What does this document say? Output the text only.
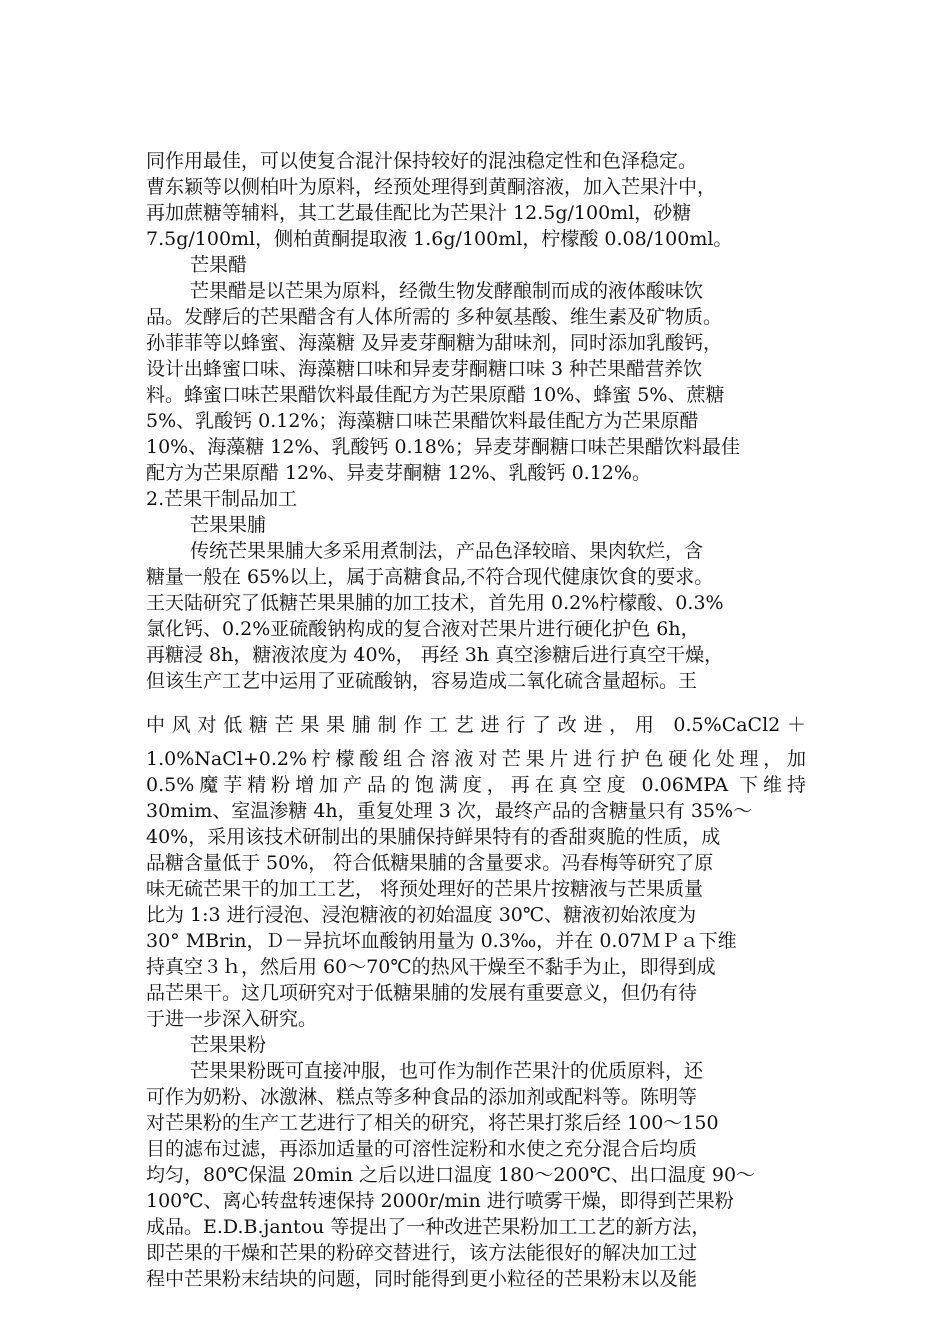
同作用最佳，可以使复合混汁保持较好的混浊稳定性和色泽稳定。
曹东颖等以侧柏叶为原料，经预处理得到黄酮溶液，加入芒果汁中，
再加蔗糖等辅料，其工艺最佳配比为芒果汁 12.5g/100ml，砂糖
7.5g/100ml，侧柏黄酮提取液 1.6g/100ml，柠檬酸 0.08/100ml。
芒果醋
芒果醋是以芒果为原料，经微生物发酵酿制而成的液体酸味饮
品。发酵后的芒果醋含有人体所需的 多种氨基酸、维生素及矿物质。
孙菲菲等以蜂蜜、海藻糖 及异麦芽酮糖为甜味剂，同时添加乳酸钙，
设计出蜂蜜口味、海藻糖口味和异麦芽酮糖口味 3 种芒果醋营养饮
料。蜂蜜口味芒果醋饮料最佳配方为芒果原醋 10%、蜂蜜 5%、蔗糖
5%、乳酸钙 0.12%；海藻糖口味芒果醋饮料最佳配方为芒果原醋
10%、海藻糖 12%、乳酸钙 0.18%；异麦芽酮糖口味芒果醋饮料最佳
配方为芒果原醋 12%、异麦芽酮糖 12%、乳酸钙 0.12%。
2.芒果干制品加工
芒果果脯
传统芒果果脯大多采用煮制法，产品色泽较暗、果肉软烂，含
糖量一般在 65%以上，属于高糖食品,不符合现代健康饮食的要求。
王天陆研究了低糖芒果果脯的加工技术，首先用 0.2%柠檬酸、0.3%
氯化钙、0.2%亚硫酸钠构成的复合液对芒果片进行硬化护色 6h，
再糖浸 8h，糖液浓度为 40%， 再经 3h 真空渗糖后进行真空干燥，
但该生产工艺中运用了亚硫酸钠，容易造成二氧化硫含量超标。王
中风对低糖芒果果脯制作工艺进行了改进，用 0.5%CaCl2＋
1.0%NaCl+0.2%柠檬酸组合溶液对芒果片进行护色硬化处理，加
0.5%魔芋精粉增加产品的饱满度，再在真空度 0.06MPA 下维持
30mim、室温渗糖 4h，重复处理 3 次，最终产品的含糖量只有 35%～
40%，采用该技术研制出的果脯保持鲜果特有的香甜爽脆的性质，成
品糖含量低于 50%， 符合低糖果脯的含量要求。冯春梅等研究了原
味无硫芒果干的加工工艺， 将预处理好的芒果片按糖液与芒果质量
比为 1:3 进行浸泡、浸泡糖液的初始温度 30℃、糖液初始浓度为
30° MBrin，Ｄ－异抗坏血酸钠用量为 0.3‰，并在 0.07ＭＰａ下维
持真空３ｈ，然后用 60～70℃的热风干燥至不黏手为止，即得到成
品芒果干。这几项研究对于低糖果脯的发展有重要意义，但仍有待
于进一步深入研究。
芒果果粉
芒果果粉既可直接冲服，也可作为制作芒果汁的优质原料，还
可作为奶粉、冰激淋、糕点等多种食品的添加剂或配料等。陈明等
对芒果粉的生产工艺进行了相关的研究，将芒果打浆后经 100～150
目的滤布过滤，再添加适量的可溶性淀粉和水使之充分混合后均质
均匀，80℃保温 20min 之后以进口温度 180～200℃、出口温度 90～
100℃、离心转盘转速保持 2000r/min 进行喷雾干燥，即得到芒果粉
成品。E.D.B.jantou 等提出了一种改进芒果粉加工工艺的新方法，
即芒果的干燥和芒果的粉碎交替进行，该方法能很好的解决加工过
程中芒果粉末结块的问题，同时能得到更小粒径的芒果粉末以及能
